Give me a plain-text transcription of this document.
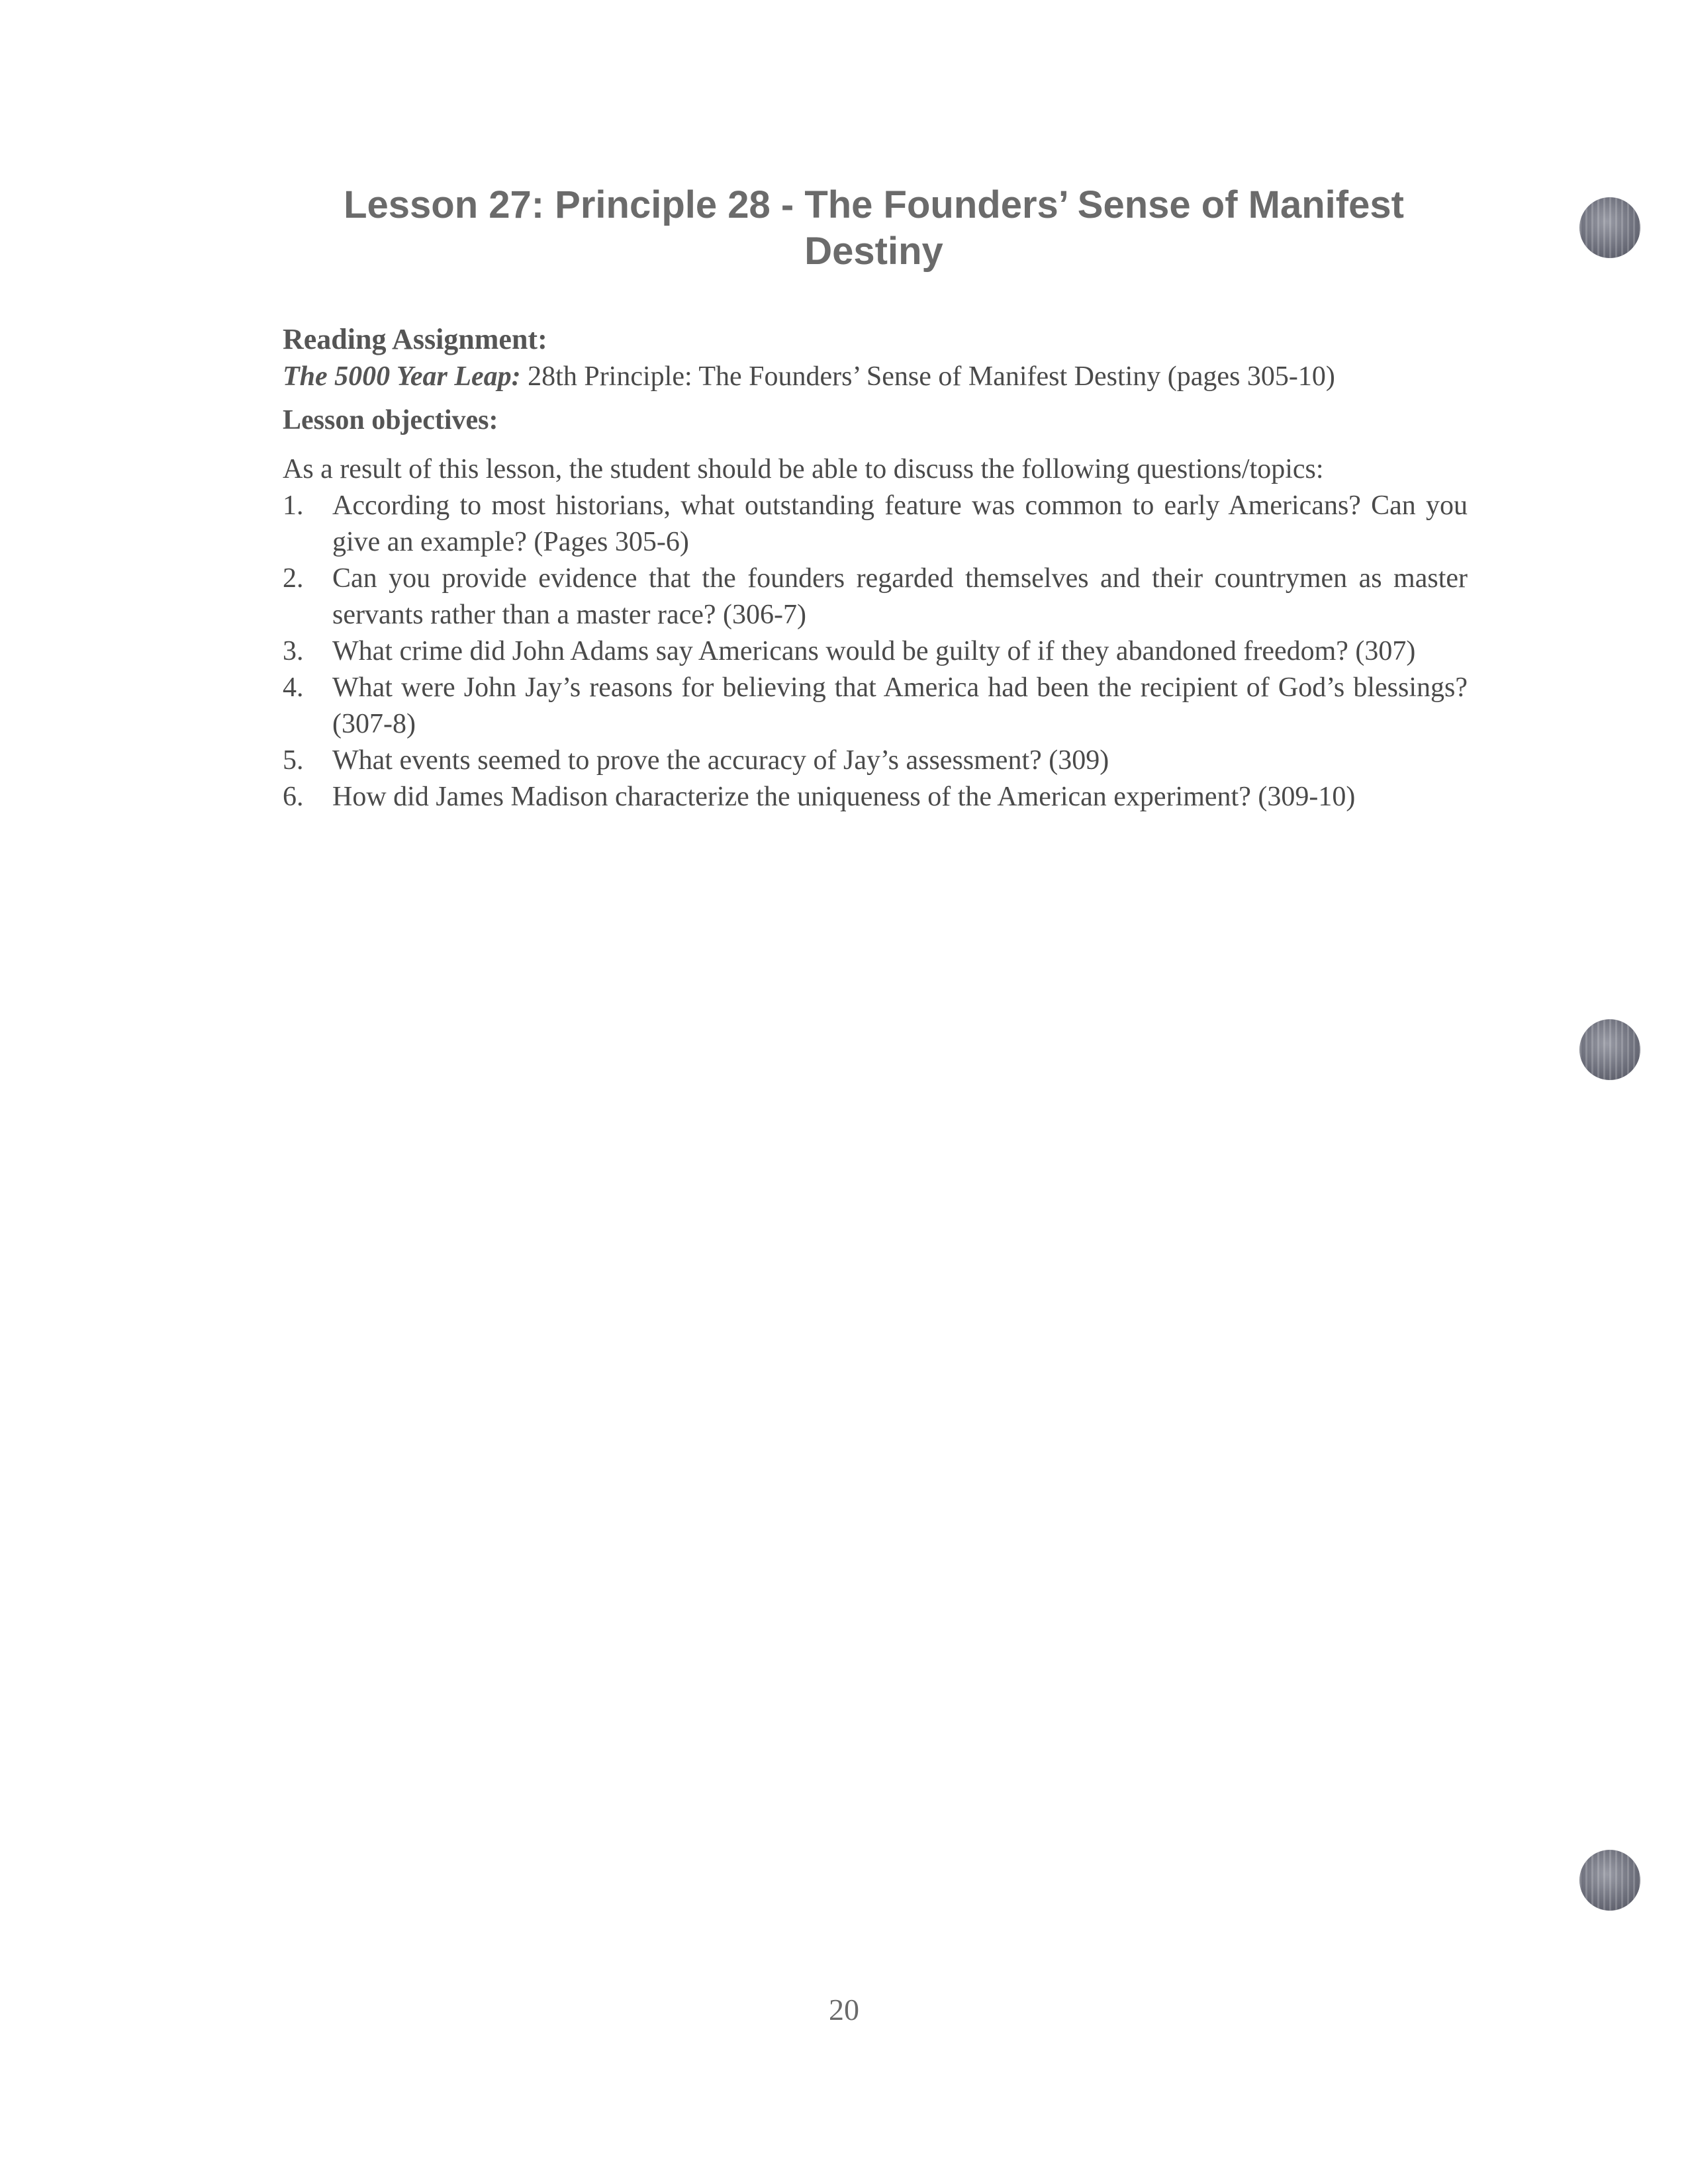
Lesson 27: Principle 28 - The Founders’ Sense of Manifest
Destiny

Reading Assignment:

The 5000 Year Leap: 28th Principle: The Founders’ Sense of Manifest Destiny (pages 305-10)

Lesson objectives:

As a result of this lesson, the student should be able to discuss the following questions/topics:

1. According to most historians, what outstanding feature was common to early Americans? Can you give an example? (Pages 305-6)
2. Can you provide evidence that the founders regarded themselves and their countrymen as master servants rather than a master race? (306-7)
3. What crime did John Adams say Americans would be guilty of if they abandoned freedom? (307)
4. What were John Jay’s reasons for believing that America had been the recipient of God’s blessings? (307-8)
5. What events seemed to prove the accuracy of Jay’s assessment? (309)
6. How did James Madison characterize the uniqueness of the American experiment? (309-10)
20
